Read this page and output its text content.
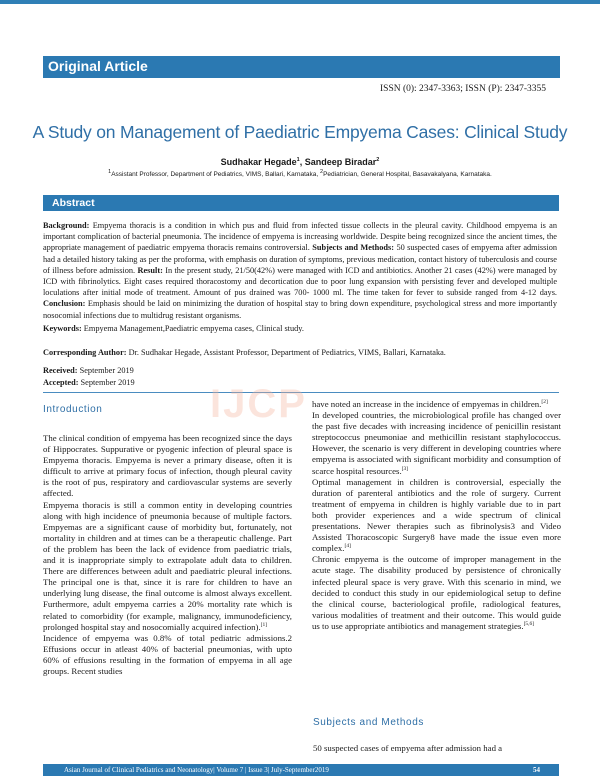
Original Article
ISSN (0): 2347-3363; ISSN (P): 2347-3355
A Study on Management of Paediatric Empyema Cases: Clinical Study
Sudhakar Hegade$^1$, Sandeep Biradar$^2$
$^1$Assistant Professor, Department of Pediatrics, VIMS, Ballari, Karnataka, $^2$Pediatrician, General Hospital, Basavakalyana, Karnataka.
Abstract
Background: Empyema thoracis is a condition in which pus and fluid from infected tissue collects in the pleural cavity. Childhood empyema is an important complication of bacterial pneumonia. The incidence of empyema is increasing worldwide. Despite being recognized since the ancient times, the appropriate management of paediatric empyema thoracis remains controversial. Subjects and Methods: 50 suspected cases of empyema after admission had a detailed history taking as per the proforma, with emphasis on duration of symptoms, previous medication, contact history of tuberculosis and course of illness before admission. Result: In the present study, 21/50(42%) were managed with ICD and antibiotics. Another 21 cases (42%) were managed by ICD with fibrinolytics. Eight cases required thoracostomy and decortication due to poor lung expansion with persisting fever and developed multiple loculations after initial mode of treatment. Amount of pus drained was 700- 1000 ml. The time taken for fever to subside ranged from 4-12 days. Conclusion: Emphasis should be laid on minimizing the duration of hospital stay to bring down expenditure, psychological stress and more importantly nosocomial infections due to multidrug resistant organisms.
Keywords: Empyema Management,Paediatric empyema cases, Clinical study.
Corresponding Author: Dr. Sudhakar Hegade, Assistant Professor, Department of Pediatrics, VIMS, Ballari, Karnataka.
Received: September 2019
Accepted: September 2019 IJCP
Introduction

The clinical condition of empyema has been recognized since the days of Hippocrates. Suppurative or pyogenic infection of pleural space is Empyema thoracis. Empyema is never a primary disease, often it is difficult to arrive at primary focus of infection, though pleural cavity is the root of pus, respiratory and cardiovascular systems are severly affected.

Empyema thoracis is still a common entity in developing countries along with high incidence of pneumonia because of multiple factors. Empyemas are a significant cause of morbidity but, fortunately, not mortality in children and at times can be a therapeutic challenge. Part of the problem has been the lack of evidence from paediatric trials, and it is inappropriate simply to extrapolate adult data to children. There are differences between adult and paediatric pleural infections. The principal one is that, since it is rare for children to have an underlying lung disease, the final outcome is almost always excellent. Furthermore, adult empyema carries a 20% mortality rate which is related to comorbidity (for example, malignancy, immunodeficiency, prolonged hospital stay and nosocomially acquired infection).[1]

Incidence of empyema was 0.8% of total pediatric admissions.2 Effusions occur in atleast 40% of bacterial pneumonias, with upto 60% of effusions resulting in the formation of empyema in all age groups. Recent studies

have noted an increase in the incidence of empyemas in children.[2]

In developed countries, the microbiological profile has changed over the past five decades with increasing incidence of penicillin resistant streptococcus pneumoniae and methicillin resistant staphylococcus. However, the scenario is very different in developing countries where empyema is associated with significant morbidity and consumption of scarce hospital resources.[3]

Optimal management in children is controversial, especially the duration of parenteral antibiotics and the role of surgery. Current treatment of empyema in children is highly variable due to in part both provider experiences and a wide spectrum of clinical presentations. Newer therapies such as fibrinolysis3 and Video Assisted Thoracoscopic Surgery8 have made the issue even more complex.[4]

Chronic empyema is the outcome of improper management in the acute stage. The disability produced by persistence of chronically infected pleural space is very grave. With this scenario in mind, we decided to conduct this study in our epidemiological setup to define the clinical course, bacteriological profile, radiological features, various modalities of treatment and their outcome. This would guide us to use appropriate antibiotics and management strategies.[5,6]

Subjects and Methods
50 suspected cases of empyema after admission had a
Asian Journal of Clinical Pediatrics and Neonatology| Volume 7 | Issue 3| July-September2019	54
